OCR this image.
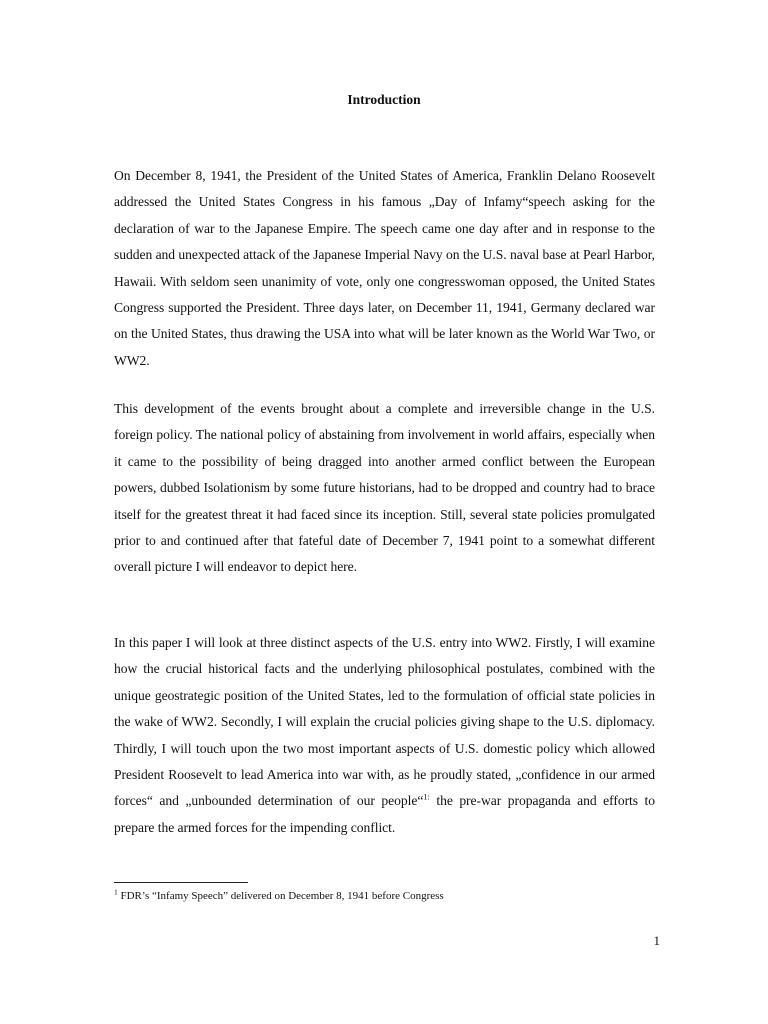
Introduction

On December 8, 1941, the President of the United States of America, Franklin Delano Roosevelt addressed the United States Congress in his famous „Day of Infamy“speech asking for the declaration of war to the Japanese Empire. The speech came one day after and in response to the sudden and unexpected attack of the Japanese Imperial Navy on the U.S. naval base at Pearl Harbor, Hawaii. With seldom seen unanimity of vote, only one congresswoman opposed, the United States Congress supported the President. Three days later, on December 11, 1941, Germany declared war on the United States, thus drawing the USA into what will be later known as the World War Two, or WW2.

This development of the events brought about a complete and irreversible change in the U.S. foreign policy. The national policy of abstaining from involvement in world affairs, especially when it came to the possibility of being dragged into another armed conflict between the European powers, dubbed Isolationism by some future historians, had to be dropped and country had to brace itself for the greatest threat it had faced since its inception. Still, several state policies promulgated prior to and continued after that fateful date of December 7, 1941 point to a somewhat different overall picture I will endeavor to depict here.

In this paper I will look at three distinct aspects of the U.S. entry into WW2. Firstly, I will examine how the crucial historical facts and the underlying philosophical postulates, combined with the unique geostrategic position of the United States, led to the formulation of official state policies in the wake of WW2. Secondly, I will explain the crucial policies giving shape to the U.S. diplomacy. Thirdly, I will touch upon the two most important aspects of U.S. domestic policy which allowed President Roosevelt to lead America into war with, as he proudly stated, „confidence in our armed forces“ and „unbounded determination of our people“$^{1:}$ the pre-war propaganda and efforts to prepare the armed forces for the impending conflict.

$^1$ FDR’s “Infamy Speech” delivered on December 8, 1941 before Congress

1
